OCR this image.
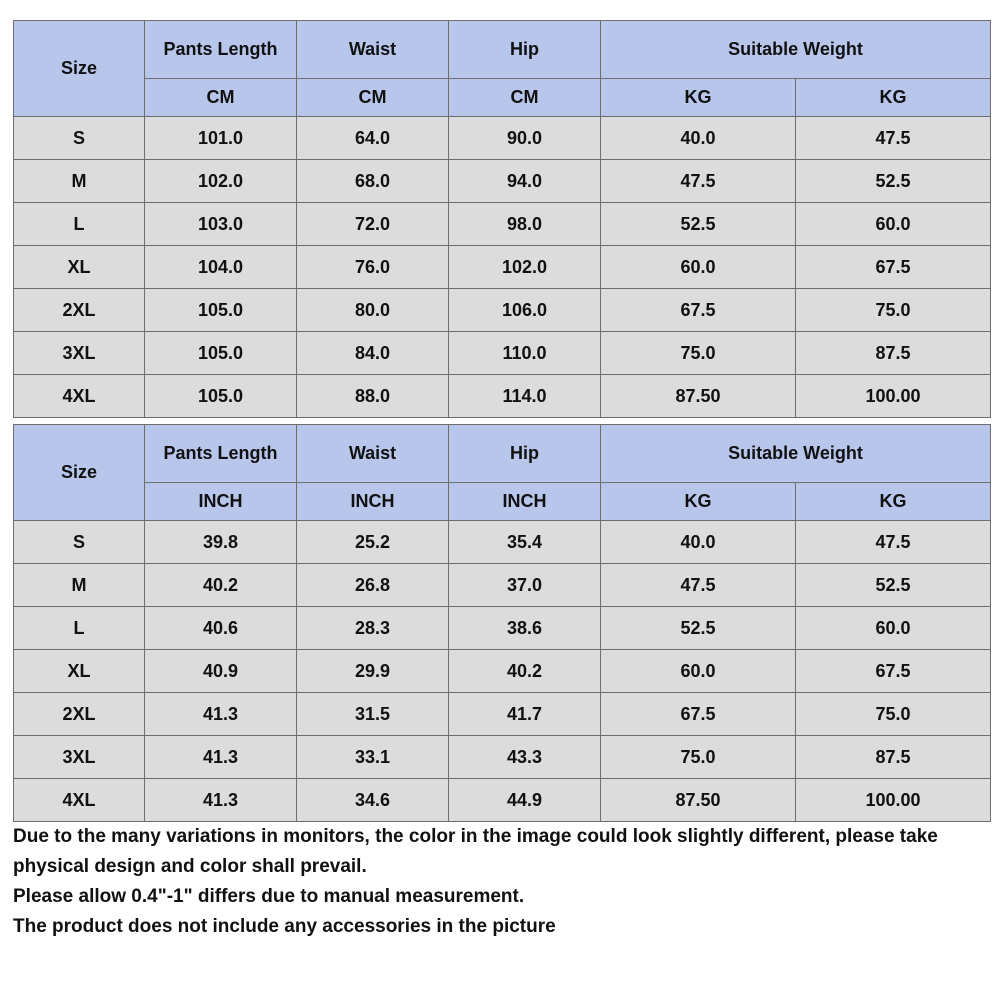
Size	Pants Length	Waist	Hip	Suitable Weight	
	CM	CM	CM	KG	KG
S	101.0	64.0	90.0	40.0	47.5
M	102.0	68.0	94.0	47.5	52.5
L	103.0	72.0	98.0	52.5	60.0
XL	104.0	76.0	102.0	60.0	67.5
2XL	105.0	80.0	106.0	67.5	75.0
3XL	105.0	84.0	110.0	75.0	87.5
4XL	105.0	88.0	114.0	87.50	100.00
Size	Pants Length	Waist	Hip	Suitable Weight	
	INCH	INCH	INCH	KG	KG
S	39.8	25.2	35.4	40.0	47.5
M	40.2	26.8	37.0	47.5	52.5
L	40.6	28.3	38.6	52.5	60.0
XL	40.9	29.9	40.2	60.0	67.5
2XL	41.3	31.5	41.7	67.5	75.0
3XL	41.3	33.1	43.3	75.0	87.5
4XL	41.3	34.6	44.9	87.50	100.00

Due to the many variations in monitors, the color in the image could look slightly different, please take physical design and color shall prevail.

Please allow 0.4"-1" differs due to manual measurement.

The product does not include any accessories in the picture
